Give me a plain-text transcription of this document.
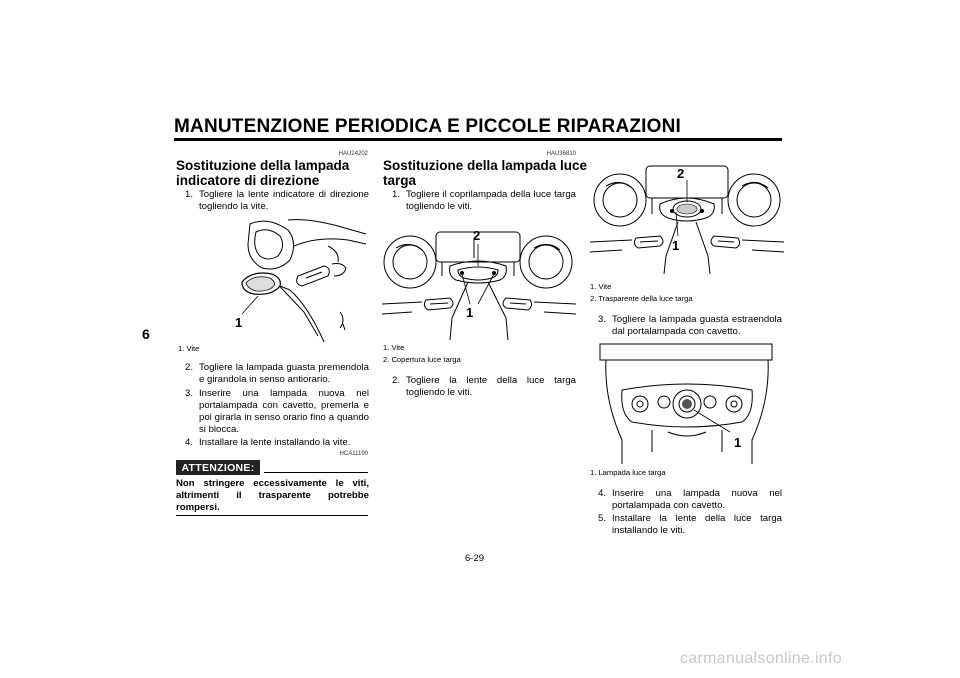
MANUTENZIONE PERIODICA E PICCOLE RIPARAZIONI
6
HAU24202
Sostituzione della lampada
indicatore di direzione
1. Togliere la lente indicatore di direzione togliendo la vite.
1
1. Vite
2. Togliere la lampada guasta premendola e girandola in senso antiorario.
3. Inserire una lampada nuova nel portalampada con cavetto, premerla e poi girarla in senso orario fino a quando si blocca.
4. Installare la lente installando la vite.
HCA11190
ATTENZIONE:
Non stringere eccessivamente le viti, altrimenti il trasparente potrebbe rompersi.
HAU36810
Sostituzione della lampada luce
targa
1. Togliere il coprilampada della luce targa togliendo le viti.
2
1
1. Vite
2. Copertura luce targa
2. Togliere la lente della luce targa togliendo le viti.
2
1
1. Vite
2. Trasparente della luce targa
3. Togliere la lampada guasta estraendola dal portalampada con cavetto.
1
1. Lampada luce targa
4. Inserire una lampada nuova nel portalampada con cavetto.
5. Installare la lente della luce targa installando le viti.
6-29
carmanualsonline.info
